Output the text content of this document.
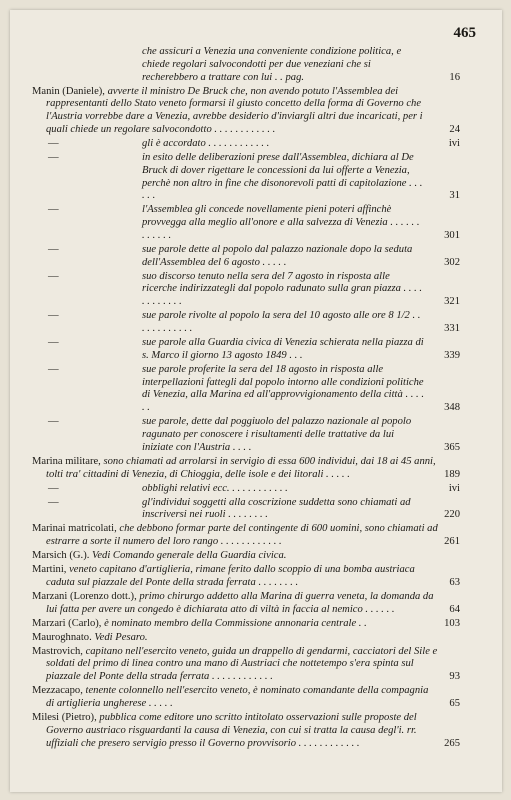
465

che assicuri a Venezia una conveniente condizione politica, e chiede regolari salvocondotti per due veneziani che si recherebbero a trattare con lui . . pag.	16

Manin (Daniele), avverte il ministro De Bruck che, non avendo potuto l'Assemblea dei rappresentanti dello Stato veneto formarsi il giusto concetto della forma di Governo che l'Austria vorrebbe dare a Venezia, avrebbe desiderio d'inviargli altri due incaricati, per i quali chiede un regolare salvocondotto . . . . . . . . . . . .	24
—	gli è accordato . . . . . . . . . . . .	ivi
—	in esito delle deliberazioni prese dall'Assemblea, dichiara al De Bruck di dover rigettare le concessioni da lui offerte a Venezia, perchè non altro in fine che disonorevoli patti di capitolazione . . . . . .	31
—	l'Assemblea gli concede novellamente pieni poteri affinchè provvegga alla meglio all'onore e alla salvezza di Venezia . . . . . . . . . . . .	301
—	sue parole dette al popolo dal palazzo nazionale dopo la seduta dell'Assemblea del 6 agosto . . . . .	302
—	suo discorso tenuto nella sera del 7 agosto in risposta alle ricerche indirizzategli dal popolo radunato sulla gran piazza . . . . . . . . . . . .	321
—	sue parole rivolte al popolo la sera del 10 agosto alle ore 8 1/2 . . . . . . . . . . . .	331
—	sue parole alla Guardia civica di Venezia schierata nella piazza di s. Marco il giorno 13 agosto 1849 . . .	339
—	sue parole proferite la sera del 18 agosto in risposta alle interpellazioni fattegli dal popolo intorno alle condizioni politiche di Venezia, alla Marina ed all'approvvigionamento della città . . . . . .	348
—	sue parole, dette dal poggiuolo del palazzo nazionale al popolo ragunato per conoscere i risultamenti delle trattative da lui iniziate con l'Austria . . . .	365

Marina militare, sono chiamati ad arrolarsi in servigio di essa 600 individui, dai 18 ai 45 anni, tolti tra' cittadini di Venezia, di Chioggia, delle isole e dei litorali . . . . .	189
—	obblighi relativi ecc. . . . . . . . . . . .	ivi
—	gl'individui soggetti alla coscrizione suddetta sono chiamati ad inscriversi nei ruoli . . . . . . . .	220

Marinai matricolati, che debbono formar parte del contingente di 600 uomini, sono chiamati ad estrarre a sorte il numero del loro rango . . . . . . . . . . . .	261

Marsich (G.). Vedi Comando generale della Guardia civica.

Martini, veneto capitano d'artiglieria, rimane ferito dallo scoppio di una bomba austriaca caduta sul piazzale del Ponte della strada ferrata . . . . . . . .	63

Marzani (Lorenzo dott.), primo chirurgo addetto alla Marina di guerra veneta, la domanda da lui fatta per avere un congedo è dichiarata atto di viltà in faccia al nemico . . . . . .	64

Marzari (Carlo), è nominato membro della Commissione annonaria centrale . .	103

Mauroghnato. Vedi Pesaro.

Mastrovich, capitano nell'esercito veneto, guida un drappello di gendarmi, cacciatori del Sile e soldati del primo di linea contro una mano di Austriaci che nottetempo s'era spinta sul piazzale del Ponte della strada ferrata . . . . . . . . . . . .	93

Mezzacapo, tenente colonnello nell'esercito veneto, è nominato comandante della compagnia di artiglieria ungherese . . . . .	65

Milesi (Pietro), pubblica come editore uno scritto intitolato osservazioni sulle proposte del Governo austriaco risguardanti la causa di Venezia, con cui si tratta la causa degl'i. rr. uffiziali che presero servigio presso il Governo provvisorio . . . . . . . . . . . .	265
